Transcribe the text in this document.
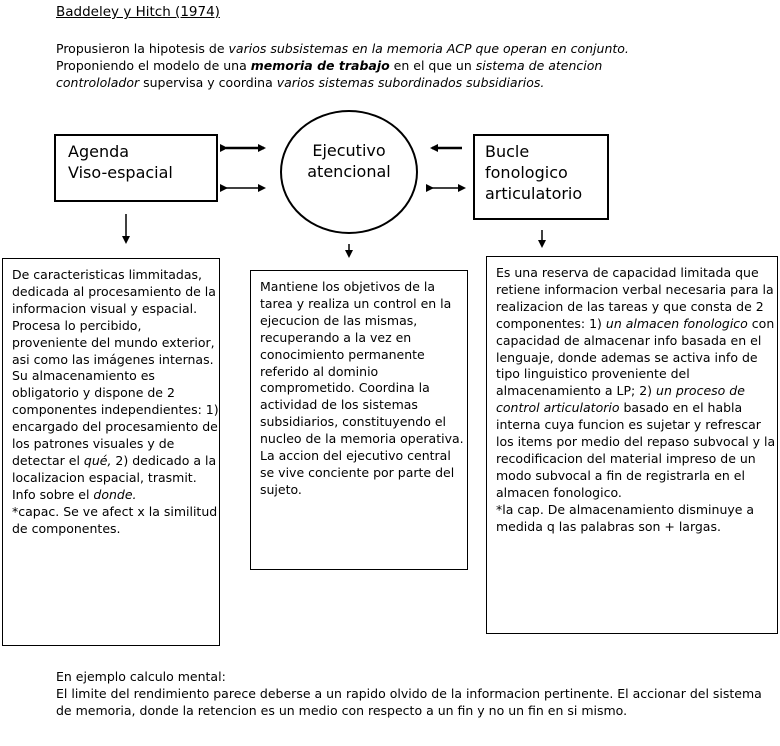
Baddeley y Hitch (1974)
Propusieron la hipotesis de varios subsistemas en la memoria ACP que operan en conjunto.
Proponiendo el modelo de una memoria de trabajo en el que un sistema de atencion
contrololador supervisa y coordina varios sistemas subordinados subsidiarios.
Agenda
Viso-espacial
Ejecutivo
atencional
Bucle
fonologico
articulatorio
De caracteristicas limmitadas, dedicada al procesamiento de la informacion visual y espacial. Procesa lo percibido, proveniente del mundo exterior, asi como las imágenes internas. Su almacenamiento es obligatorio y dispone de 2 componentes independientes: 1) encargado del procesamiento de los patrones visuales y de detectar el qué, 2) dedicado a la localizacion espacial, trasmit. Info sobre el donde.
*capac. Se ve afect x la similitud de componentes.
Mantiene los objetivos de la tarea y realiza un control en la ejecucion de las mismas, recuperando a la vez en conocimiento permanente referido al dominio comprometido. Coordina la actividad de los sistemas subsidiarios, constituyendo el nucleo de la memoria operativa. La accion del ejecutivo central se vive conciente por parte del sujeto.
Es una reserva de capacidad limitada que retiene informacion verbal necesaria para la realizacion de las tareas y que consta de 2 componentes: 1) un almacen fonologico con capacidad de almacenar info basada en el lenguaje, donde ademas se activa info de tipo linguistico proveniente del almacenamiento a LP; 2) un proceso de control articulatorio basado en el habla interna cuya funcion es sujetar y refrescar los items por medio del repaso subvocal y la recodificacion del material impreso de un modo subvocal a fin de registrarla en el almacen fonologico.
*la cap. De almacenamiento disminuye a medida q las palabras son + largas.
En ejemplo calculo mental:
El limite del rendimiento parece deberse a un rapido olvido de la informacion pertinente. El accionar del sistema de memoria, donde la retencion es un medio con respecto a un fin y no un fin en si mismo.
